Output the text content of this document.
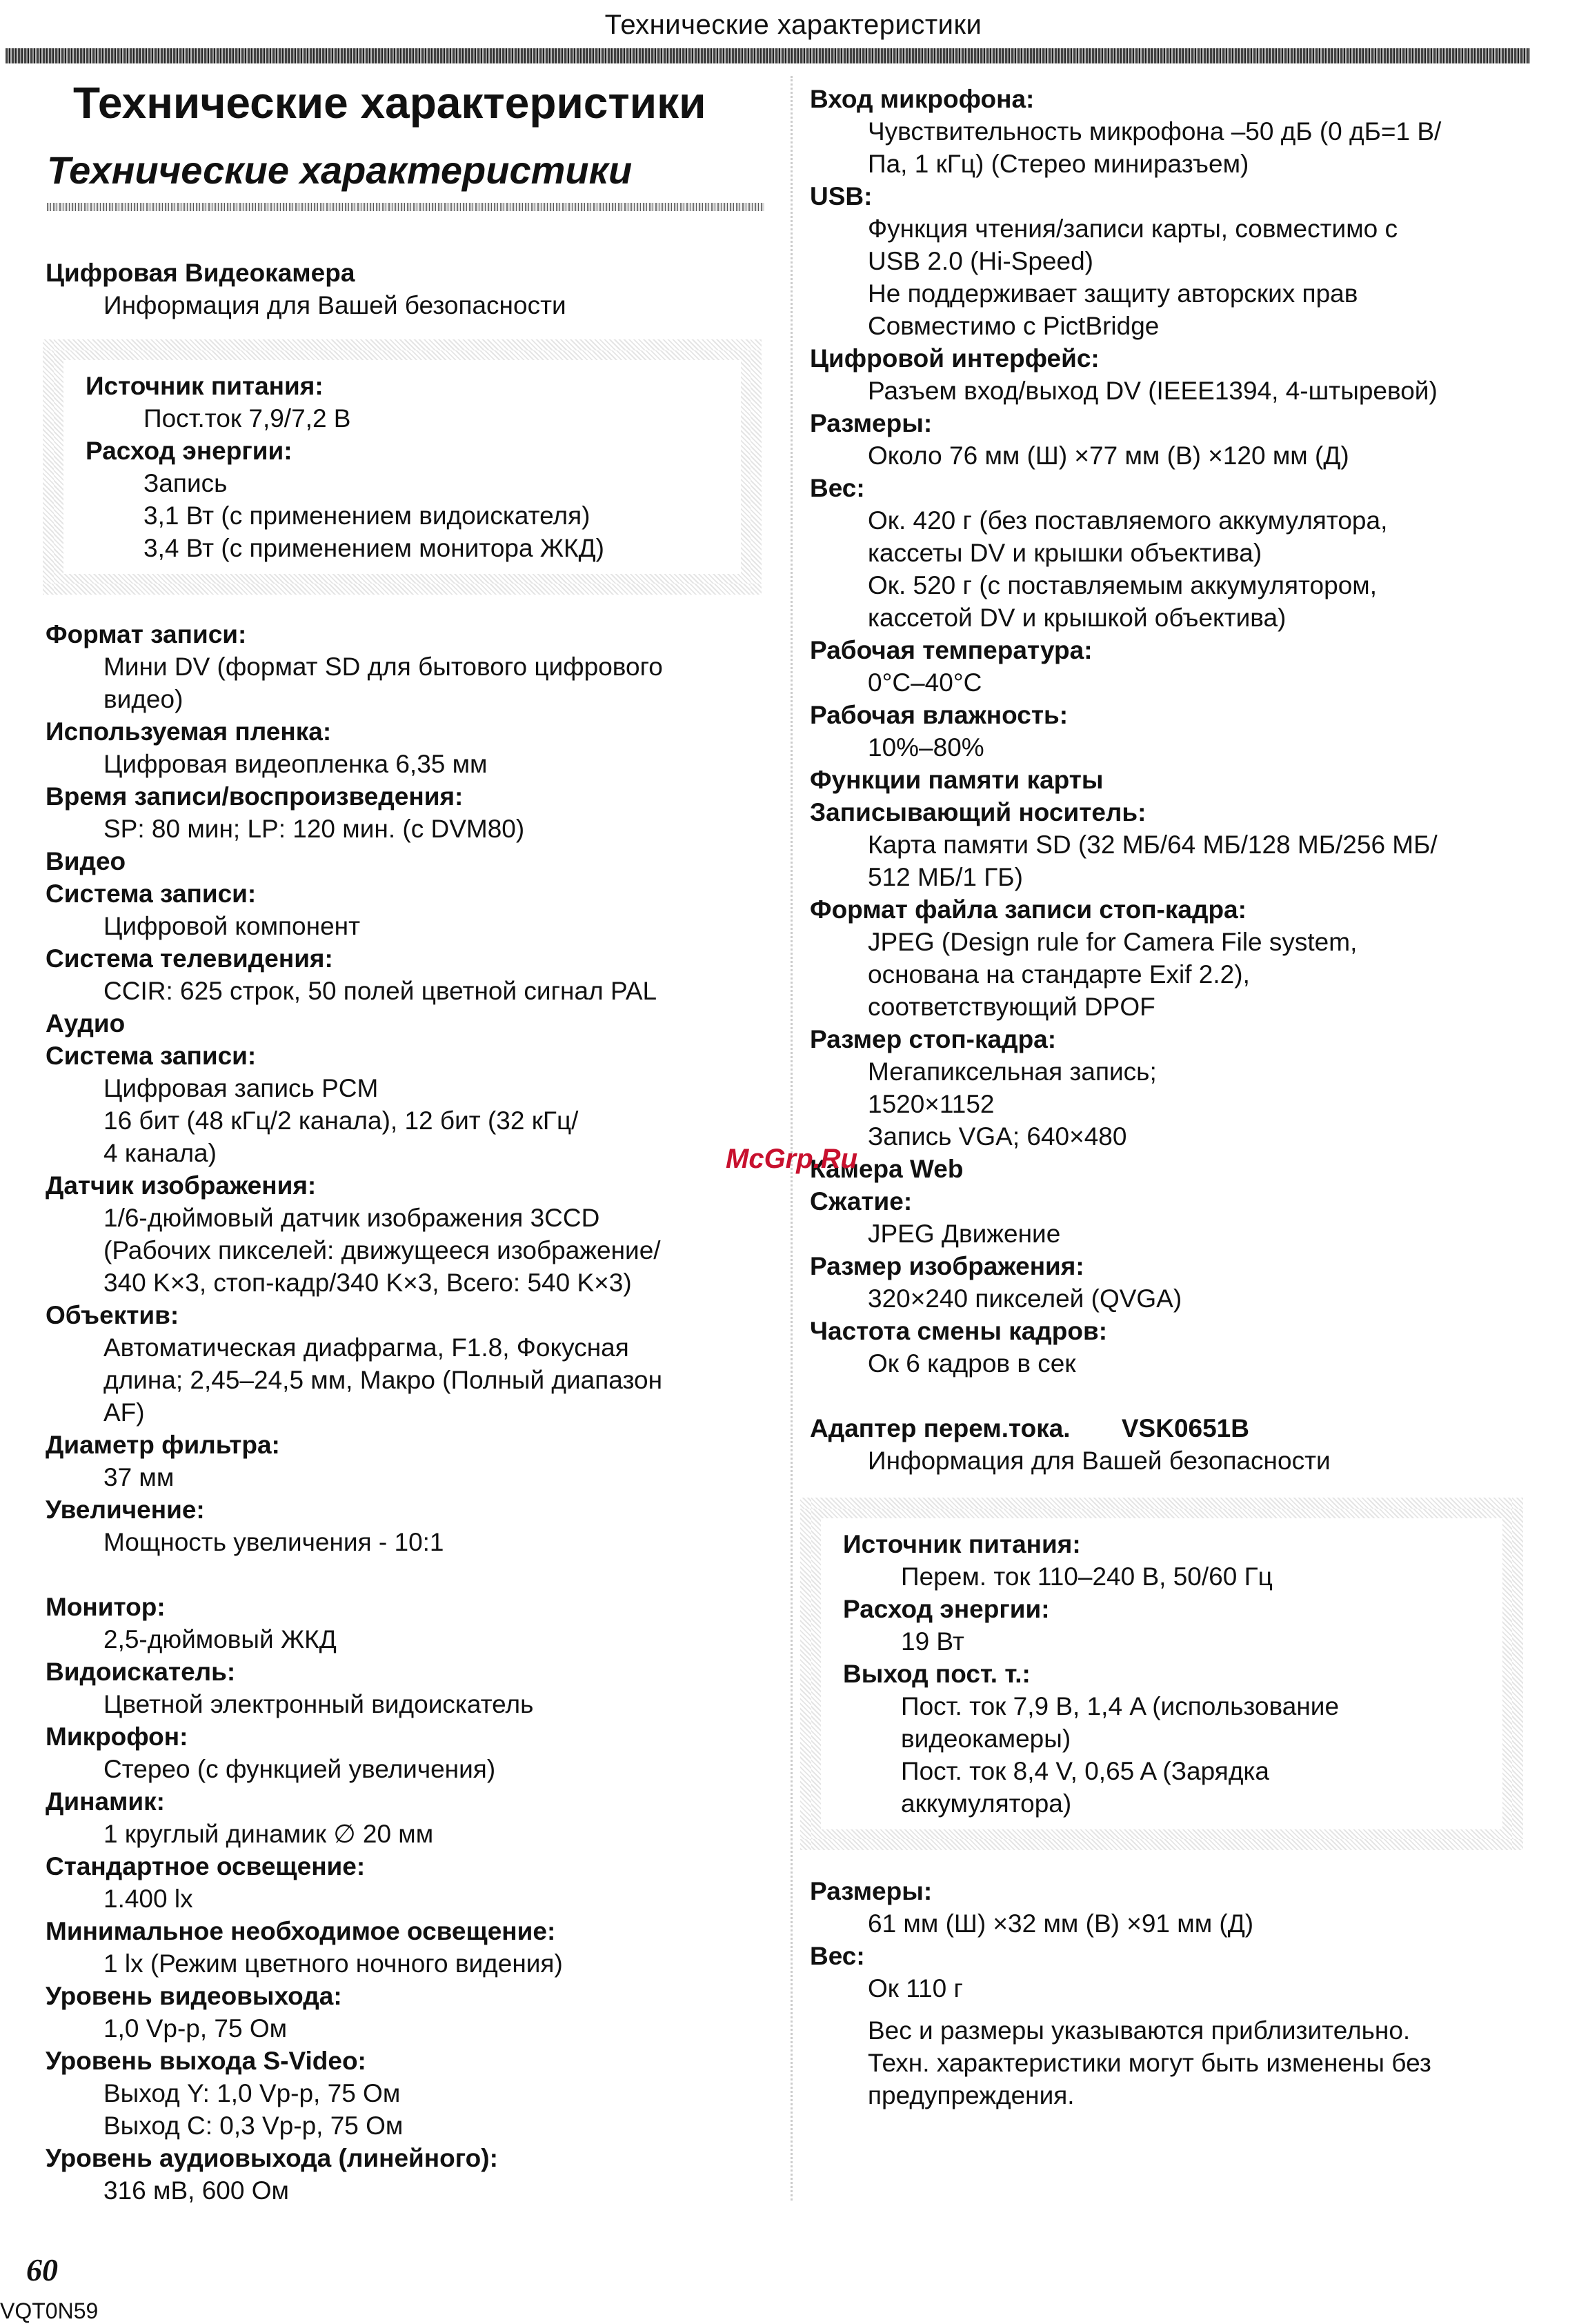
Технические характеристики
Технические характеристики
Технические характеристики
Цифровая Видеокамера
Информация для Вашей безопасности
Источник питания:
Пост.ток 7,9/7,2 В
Расход энергии:
Запись
3,1 Вт (с применением видоискателя)
3,4 Вт (с применением монитора ЖКД)
Формат записи:
Мини DV (формат SD для бытового цифрового
видео)
Используемая пленка:
Цифровая видеопленка 6,35 мм
Время записи/воспроизведения:
SP: 80 мин; LP: 120 мин. (с DVM80)
Видео
Система записи:
Цифровой компонент
Система телевидения:
CCIR: 625 строк, 50 полей цветной сигнал PAL
Аудио
Система записи:
Цифровая запись PCM
16 бит (48 кГц/2 канала), 12 бит (32 кГц/
4 канала)
Датчик изображения:
1/6-дюймовый датчик изображения 3CCD
(Рабочих пикселей: движущееся изображение/
340 K×3, стоп-кадр/340 K×3, Всего: 540 K×3)
Объектив:
Автоматическая диафрагма, F1.8, Фокусная
длина; 2,45–24,5 мм, Макро (Полный диапазон
AF)
Диаметр фильтра:
37 мм
Увеличение:
Мощность увеличения - 10:1
Монитор:
2,5-дюймовый ЖКД
Видоискатель:
Цветной электронный видоискатель
Микрофон:
Стерео (с функцией увеличения)
Динамик:
1 круглый динамик ∅ 20 мм
Стандартное освещение:
1.400 lx
Минимальное необходимое освещение:
1 lx (Режим цветного ночного видения)
Уровень видеовыхода:
1,0 Vp-p, 75 Ом
Уровень выхода S-Video:
Выход Y: 1,0 Vp-p, 75 Ом
Выход C: 0,3 Vp-p, 75 Ом
Уровень аудиовыхода (линейного):
316 мВ, 600 Ом
Вход микрофона:
Чувствительность микрофона –50 дБ (0 дБ=1 В/
Па, 1 кГц) (Стерео миниразъем)
USB:
Функция чтения/записи карты, совместимо с
USB 2.0 (Hi-Speed)
Не поддерживает защиту авторских прав
Совместимо с PictBridge
Цифровой интерфейс:
Разъем вход/выход DV (IEEE1394, 4-штыревой)
Размеры:
Около 76 мм (Ш) ×77 мм (В) ×120 мм (Д)
Вес:
Ок. 420 г (без поставляемого аккумулятора,
кассеты DV и крышки объектива)
Ок. 520 г (с поставляемым аккумулятором,
кассетой DV и крышкой объектива)
Рабочая температура:
0°C–40°C
Рабочая влажность:
10%–80%
Функции памяти карты
Записывающий носитель:
Карта памяти SD (32 МБ/64 МБ/128 МБ/256 МБ/
512 МБ/1 ГБ)
Формат файла записи стоп-кадра:
JPEG (Design rule for Camera File system,
основана на стандарте Exif 2.2),
соответствующий DPOF
Размер стоп-кадра:
Мегапиксельная запись;
1520×1152
Запись VGA; 640×480
Камера Web
Сжатие:
JPEG Движение
Размер изображения:
320×240 пикселей (QVGA)
Частота смены кадров:
Ок 6 кадров в сек
Адаптер перем.тока. VSK0651B
Информация для Вашей безопасности
Источник питания:
Перем. ток 110–240 В, 50/60 Гц
Расход энергии:
19 Вт
Выход пост. т.:
Пост. ток 7,9 В, 1,4 A (использование
видеокамеры)
Пост. ток 8,4 V, 0,65 A (Зарядка
аккумулятора)
Размеры:
61 мм (Ш) ×32 мм (В) ×91 мм (Д)
Вес:
Ок 110 г
Вес и размеры указываются приблизительно.
Техн. характеристики могут быть изменены без
предупреждения.
McGrp.Ru
60
VQT0N59
